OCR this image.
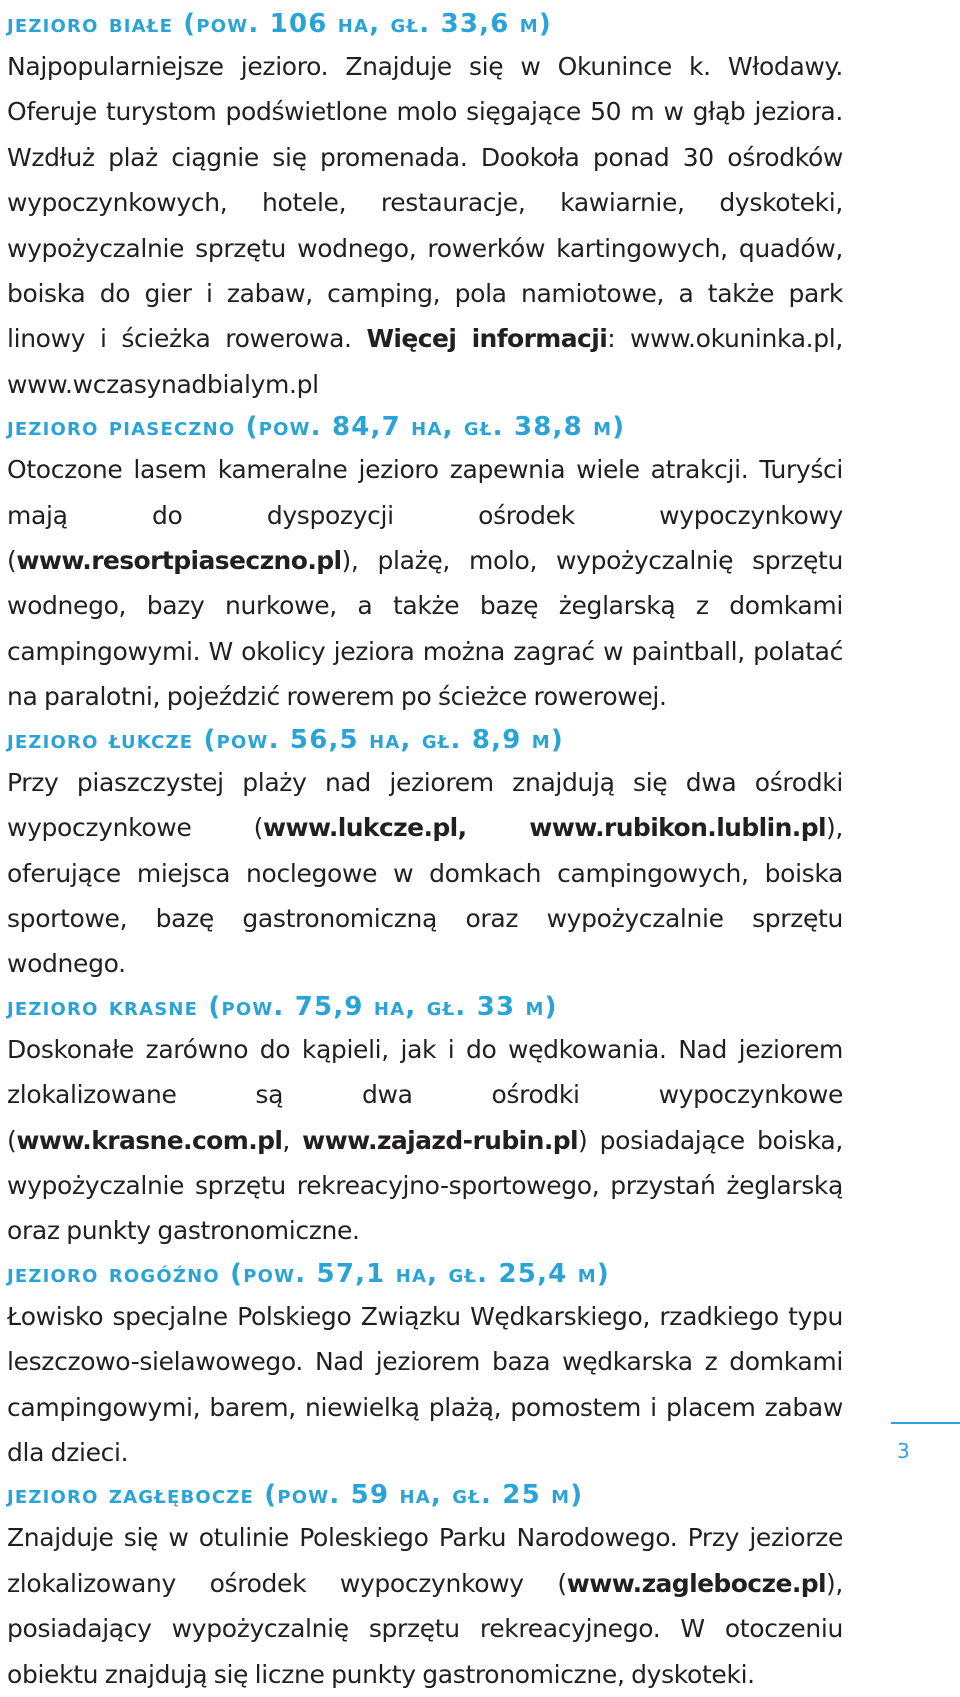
jezioro białe (pow. 106 ha, gł. 33,6 m)

Najpopularniejsze jezioro. Znajduje się w Okunince k. Włodawy. Oferuje turystom podświetlone molo sięgające 50 m w głąb jeziora. Wzdłuż plaż ciągnie się promenada. Dookoła ponad 30 ośrodków wypoczynkowych, hotele, restauracje, kawiarnie, dyskoteki, wypożyczalnie sprzętu wodnego, rowerków kartingowych, quadów, boiska do gier i zabaw, camping, pola namiotowe, a także park linowy i ścieżka rowerowa. Więcej informacji: www.okuninka.pl, www.wczasynadbialym.pl

jezioro piaseczno (pow. 84,7 ha, gł. 38,8 m)

Otoczone lasem kameralne jezioro zapewnia wiele atrakcji. Turyści mają do dyspozycji ośrodek wypoczynkowy (www.resortpiaseczno.pl), plażę, molo, wypożyczalnię sprzętu wodnego, bazy nurkowe, a także bazę żeglarską z domkami campingowymi. W okolicy jeziora można zagrać w paintball, polatać na paralotni, pojeździć rowerem po ścieżce rowerowej.

jezioro łukcze (pow. 56,5 ha, gł. 8,9 m)

Przy piaszczystej plaży nad jeziorem znajdują się dwa ośrodki wypoczynkowe (www.lukcze.pl, www.rubikon.lublin.pl), oferujące miejsca noclegowe w domkach campingowych, boiska sportowe, bazę gastronomiczną oraz wypożyczalnie sprzętu wodnego.

jezioro krasne (pow. 75,9 ha, gł. 33 m)

Doskonałe zarówno do kąpieli, jak i do wędkowania. Nad jeziorem zlokalizowane są dwa ośrodki wypoczynkowe (www.krasne.com.pl, www.zajazd-rubin.pl) posiadające boiska, wypożyczalnie sprzętu rekreacyjno-sportowego, przystań żeglarską oraz punkty gastronomiczne.

jezioro rogóźno (pow. 57,1 ha, gł. 25,4 m)

Łowisko specjalne Polskiego Związku Wędkarskiego, rzadkiego typu leszczowo-sielawowego. Nad jeziorem baza wędkarska z domkami campingowymi, barem, niewielką plażą, pomostem i placem zabaw dla dzieci.

jezioro zagłębocze (pow. 59 ha, gł. 25 m)

Znajduje się w otulinie Poleskiego Parku Narodowego. Przy jeziorze zlokalizowany ośrodek wypoczynkowy (www.zaglebocze.pl), posiadający wypożyczalnię sprzętu rekreacyjnego. W otoczeniu obiektu znajdują się liczne punkty gastronomiczne, dyskoteki.

3
